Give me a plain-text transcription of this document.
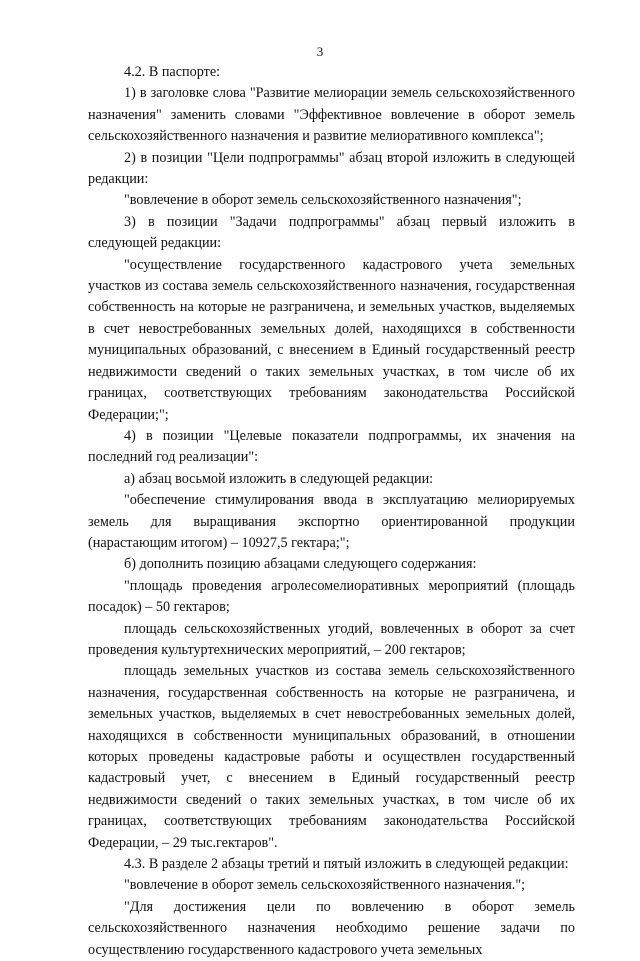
3

4.2. В паспорте:

1) в заголовке слова "Развитие мелиорации земель сельскохозяйственного назначения" заменить словами "Эффективное вовлечение в оборот земель сельскохозяйственного назначения и развитие мелиоративного комплекса";

2) в позиции "Цели подпрограммы" абзац второй изложить в следующей редакции:

"вовлечение в оборот земель сельскохозяйственного назначения";

3) в позиции "Задачи подпрограммы" абзац первый изложить в следующей редакции:

"осуществление государственного кадастрового учета земельных участков из состава земель сельскохозяйственного назначения, государственная собственность на которые не разграничена, и земельных участков, выделяемых в счет невостребованных земельных долей, находящихся в собственности муниципальных образований, с внесением в Единый государственный реестр недвижимости сведений о таких земельных участках, в том числе об их границах, соответствующих требованиям законодательства Российской Федерации;";

4) в позиции "Целевые показатели подпрограммы, их значения на последний год реализации":

а) абзац восьмой изложить в следующей редакции:

"обеспечение стимулирования ввода в эксплуатацию мелиорируемых земель для выращивания экспортно ориентированной продукции (нарастающим итогом) – 10927,5 гектара;";

б) дополнить позицию абзацами следующего содержания:

"площадь проведения агролесомелиоративных мероприятий (площадь посадок) – 50 гектаров;

площадь сельскохозяйственных угодий, вовлеченных в оборот за счет проведения культуртехнических мероприятий, – 200 гектаров;

площадь земельных участков из состава земель сельскохозяйственного назначения, государственная собственность на которые не разграничена, и земельных участков, выделяемых в счет невостребованных земельных долей, находящихся в собственности муниципальных образований, в отношении которых проведены кадастровые работы и осуществлен государственный кадастровый учет, с внесением в Единый государственный реестр недвижимости сведений о таких земельных участках, в том числе об их границах, соответствующих требованиям законодательства Российской Федерации, – 29 тыс.гектаров".

4.3. В разделе 2 абзацы третий и пятый изложить в следующей редакции:

"вовлечение в оборот земель сельскохозяйственного назначения.";

"Для достижения цели по вовлечению в оборот земель сельскохозяйственного назначения необходимо решение задачи по осуществлению государственного кадастрового учета земельных
